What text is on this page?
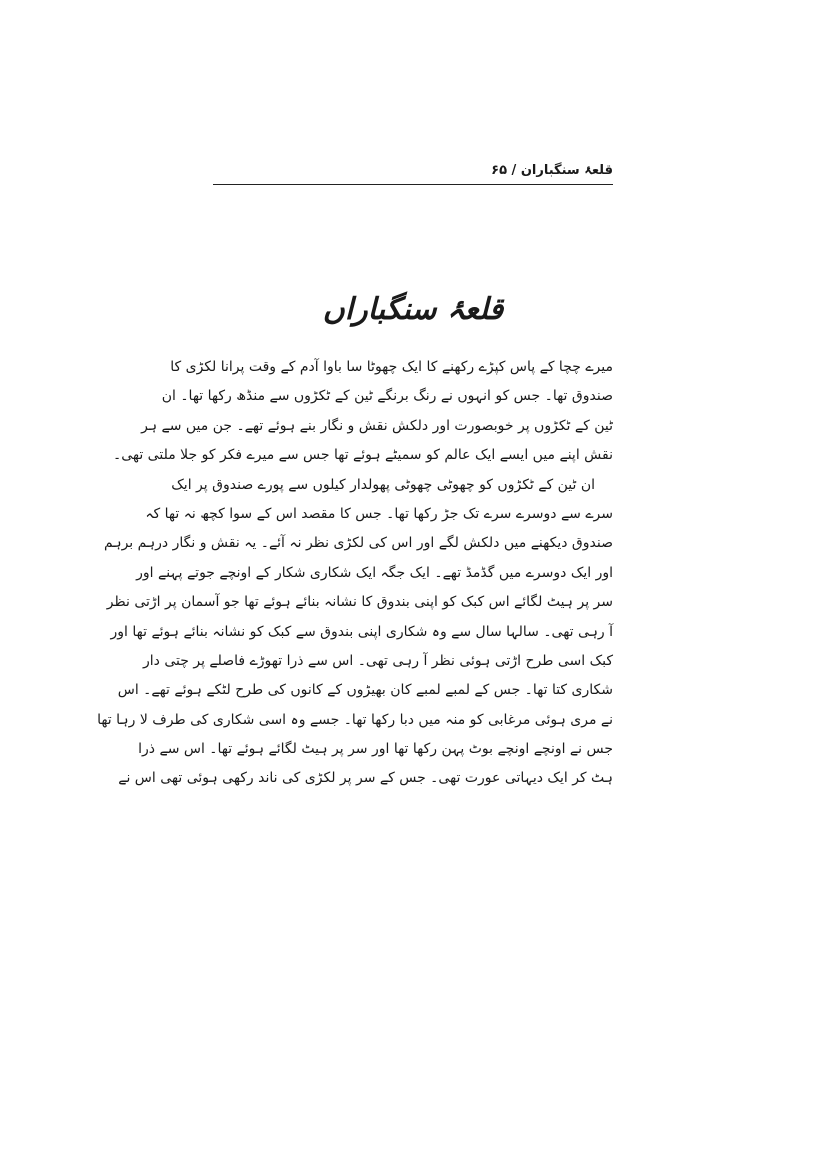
قلعۂ سنگباران / ۶۵
قلعۂ سنگباراں
میرے چچا کے پاس کپڑے رکھنے کا ایک چھوٹا سا باوا آدم کے وقت پرانا لکڑی کا
صندوق تھا۔ جس کو انہوں نے رنگ برنگے ٹین کے ٹکڑوں سے منڈھ رکھا تھا۔ ان
ٹین کے ٹکڑوں پر خوبصورت اور دلکش نقش و نگار بنے ہوئے تھے۔ جن میں سے ہر
نقش اپنے میں ایسے ایک عالم کو سمیٹے ہوئے تھا جس سے میرے فکر کو جلا ملتی تھی۔
ان ٹین کے ٹکڑوں کو چھوٹی چھوٹی پھولدار کیلوں سے پورے صندوق پر ایک
سرے سے دوسرے سرے تک جڑ رکھا تھا۔ جس کا مقصد اس کے سوا کچھ نہ تھا کہ
صندوق دیکھنے میں دلکش لگے اور اس کی لکڑی نظر نہ آئے۔ یہ نقش و نگار درہم برہم
اور ایک دوسرے میں گڈمڈ تھے۔ ایک جگہ ایک شکاری شکار کے اونچے جوتے پہنے اور
سر پر ہیٹ لگائے اس کبک کو اپنی بندوق کا نشانہ بنائے ہوئے تھا جو آسمان پر اڑتی نظر
آ رہی تھی۔ سالہا سال سے وہ شکاری اپنی بندوق سے کبک کو نشانہ بنائے ہوئے تھا اور
کبک اسی طرح اڑتی ہوئی نظر آ رہی تھی۔ اس سے ذرا تھوڑے فاصلے پر چتی دار
شکاری کتا تھا۔ جس کے لمبے لمبے کان بھیڑوں کے کانوں کی طرح لٹکے ہوئے تھے۔ اس
نے مری ہوئی مرغابی کو منہ میں دبا رکھا تھا۔ جسے وہ اسی شکاری کی طرف لا رہا تھا
جس نے اونچے اونچے بوٹ پہن رکھا تھا اور سر پر ہیٹ لگائے ہوئے تھا۔ اس سے ذرا
ہٹ کر ایک دیہاتی عورت تھی۔ جس کے سر پر لکڑی کی ناند رکھی ہوئی تھی اس نے
